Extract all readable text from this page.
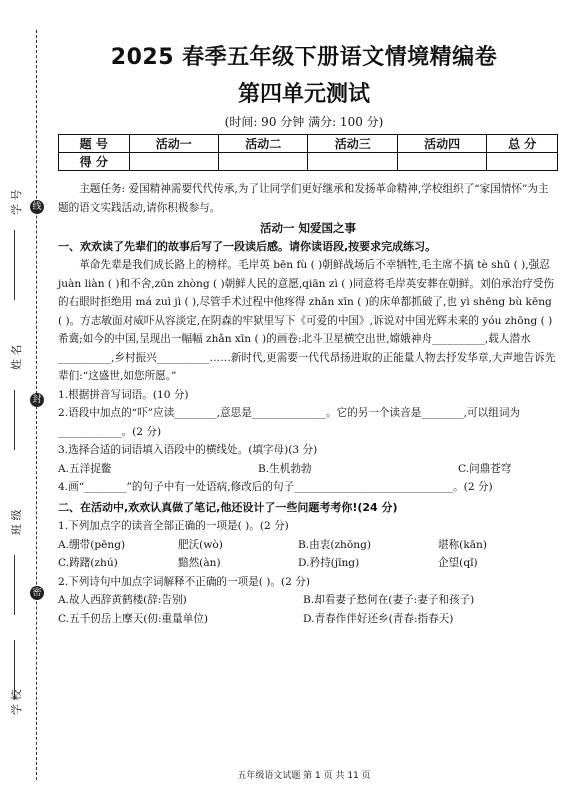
线
封
密
学 号
姓 名
班 级
学 校
2025 春季五年级下册语文情境精编卷
第四单元测试
(时间: 90 分钟 满分: 100 分)
题 号	活动一	活动二	活动三	活动四	总 分
得 分					

主题任务: 爱国精神需要代代传承,为了让同学们更好继承和发扬革命精神,学校组织了“家国情怀”为主题的语文实践活动,请你积极参与。

活动一 知爱国之事

一、欢欢读了先辈们的故事后写了一段读后感。请你读语段,按要求完成练习。

革命先辈是我们成长路上的榜样。毛岸英 bēn fù ( )朝鲜战场后不幸牺牲,毛主席不搞 tè shū ( ),强忍 juàn liàn ( )和不舍,zūn zhòng ( )朝鲜人民的意愿,qiān zì ( )同意将毛岸英安葬在朝鲜。刘伯承治疗受伤的右眼时拒绝用 má zuì jì ( ),尽管手术过程中他疼得 zhǎn xīn ( )的床单都抓破了,也 yì shēng bù kēng ( )。方志敏面对威吓从容淡定,在阴森的牢狱里写下《可爱的中国》,诉说对中国光辉未来的 yóu zhōng ( )希冀;如今的中国,呈现出一幅幅 zhǎn xīn ( )的画卷:北斗卫星横空出世,嫦娥神舟__________,载人潜水__________,乡村振兴__________……新时代,更需要一代代昂扬进取的正能量人物去抒发华章,大声地告诉先辈们:“这盛世,如您所愿。”

1.根据拼音写词语。(10 分)

2.语段中加点的“吓”应读________,意思是______________。它的另一个读音是________,可以组词为____________。(2 分)

3.选择合适的词语填入语段中的横线处。(填字母)(3 分)

A.五洋捉鳖	B.生机勃勃	C.问鼎苍穹

4.画“________”的句子中有一处语病,修改后的句子______________________________。(2 分)

二、在活动中,欢欢认真做了笔记,他还设计了一些问题考考你!(24 分)

1.下列加点字的读音全部正确的一项是( )。(2 分)

A.绷带(pēng)	肥沃(wò)	B.由衷(zhōng)	堪称(kān)
C.踌躇(zhú)	黯然(àn)	D.矜持(jīng)	企望(qǐ)

2.下列诗句中加点字词解释不正确的一项是( )。(2 分)

A.故人西辞黄鹤楼(辞:告别)	B.却看妻子愁何在(妻子:妻子和孩子)
C.五千仞岳上摩天(仞:重量单位)	D.青春作伴好还乡(青春:指春天)
五年级语文试题 第 1 页 共 11 页
